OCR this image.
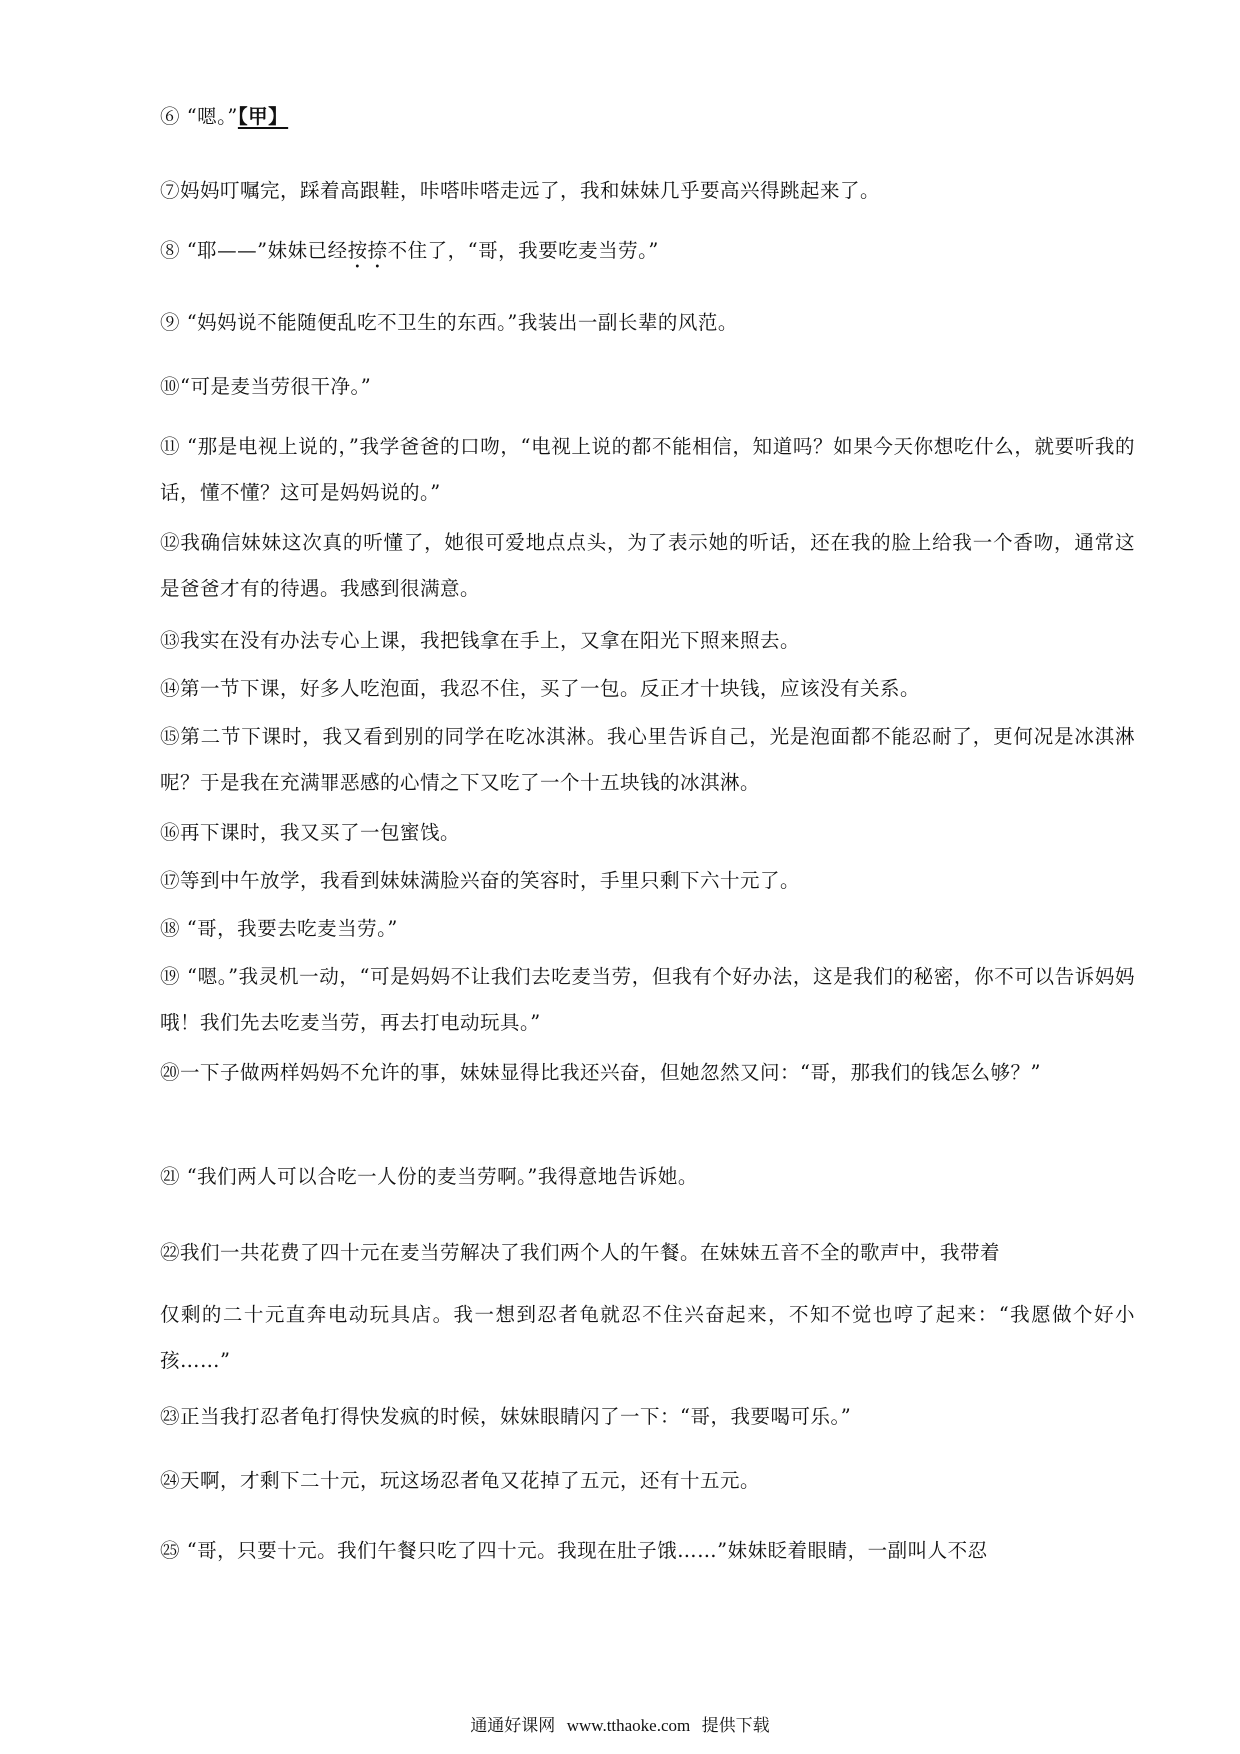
⑥ “嗯。”【甲】

⑦妈妈叮嘱完，踩着高跟鞋，咔嗒咔嗒走远了，我和妹妹几乎要高兴得跳起来了。

⑧ “耶——”妹妹已经按捺不住了，“哥，我要吃麦当劳。”

⑨ “妈妈说不能随便乱吃不卫生的东西。”我装出一副长辈的风范。

⑩“可是麦当劳很干净。”

⑪ “那是电视上说的，”我学爸爸的口吻，“电视上说的都不能相信，知道吗？如果今天你想吃什么，就要听我的话，懂不懂？这可是妈妈说的。”

⑫我确信妹妹这次真的听懂了，她很可爱地点点头，为了表示她的听话，还在我的脸上给我一个香吻，通常这是爸爸才有的待遇。我感到很满意。

⑬我实在没有办法专心上课，我把钱拿在手上，又拿在阳光下照来照去。

⑭第一节下课，好多人吃泡面，我忍不住，买了一包。反正才十块钱，应该没有关系。

⑮第二节下课时，我又看到别的同学在吃冰淇淋。我心里告诉自己，光是泡面都不能忍耐了，更何况是冰淇淋呢？于是我在充满罪恶感的心情之下又吃了一个十五块钱的冰淇淋。

⑯再下课时，我又买了一包蜜饯。

⑰等到中午放学，我看到妹妹满脸兴奋的笑容时，手里只剩下六十元了。

⑱ “哥，我要去吃麦当劳。”

⑲ “嗯。”我灵机一动，“可是妈妈不让我们去吃麦当劳，但我有个好办法，这是我们的秘密，你不可以告诉妈妈哦！我们先去吃麦当劳，再去打电动玩具。”

⑳一下子做两样妈妈不允许的事，妹妹显得比我还兴奋，但她忽然又问：“哥，那我们的钱怎么够？”

㉑ “我们两人可以合吃一人份的麦当劳啊。”我得意地告诉她。

㉒我们一共花费了四十元在麦当劳解决了我们两个人的午餐。在妹妹五音不全的歌声中，我带着

仅剩的二十元直奔电动玩具店。我一想到忍者龟就忍不住兴奋起来，不知不觉也哼了起来：“我愿做个好小孩……”

㉓正当我打忍者龟打得快发疯的时候，妹妹眼睛闪了一下：“哥，我要喝可乐。”

㉔天啊，才剩下二十元，玩这场忍者龟又花掉了五元，还有十五元。

㉕ “哥，只要十元。我们午餐只吃了四十元。我现在肚子饿……”妹妹眨着眼睛，一副叫人不忍

通通好课网 www.tthaoke.com 提供下载
